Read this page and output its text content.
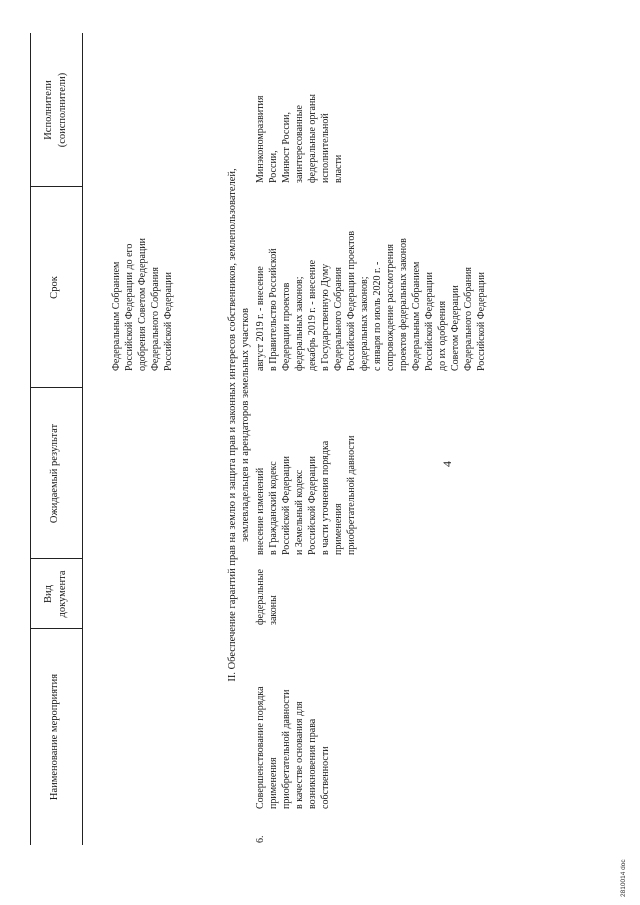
4
Наименование мероприятия
Вид
документа
Ожидаемый результат
Срок
Исполнители
(соисполнители)
Федеральным Собранием
Российской Федерации до его
одобрения Советом Федерации
Федерального Собрания
Российской Федерации	II. Обеспечение гарантий прав на землю и защита прав и законных интересов собственников, землепользователей, землевладельцев и арендаторов земельных участков
6.
Совершенствование порядка
применения
приобретательной давности
в качестве основания для
возникновения права
собственности
федеральные
законы
внесение изменений
в Гражданский кодекс
Российской Федерации
и Земельный кодекс
Российской Федерации
в части уточнения порядка
применения
приобретательной давности
август 2019 г. - внесение
в Правительство Российской
Федерации проектов
федеральных законов;
декабрь 2019 г. - внесение
в Государственную Думу
Федерального Собрания
Российской Федерации проектов
федеральных законов;
с января по июль 2020 г. -
сопровождение рассмотрения
проектов федеральных законов
Федеральным Собранием
Российской Федерации
до их одобрения
Советом Федерации
Федерального Собрания
Российской Федерации
Минэкономразвития
России,
Минюст России,
заинтересованные
федеральные органы
исполнительной
власти
2810014 doc
